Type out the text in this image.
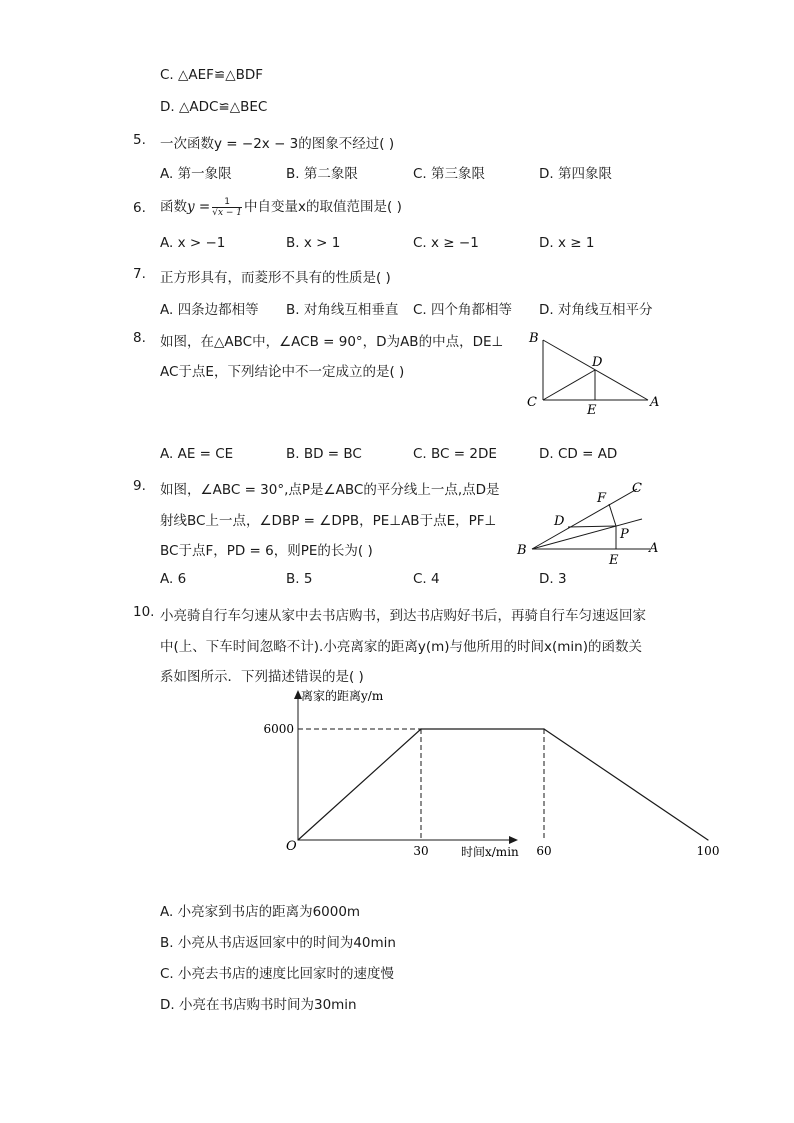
C. △AEF≌△BDF
D. △ADC≌△BEC
5. 一次函数y = −2x − 3的图象不经过( )
A. 第一象限	B. 第二象限	C. 第三象限	D. 第四象限
6. 函数$y = \frac{1}{√x - 1}$ 中自变量x的取值范围是( )
A. x > −1	B. x > 1	C. x ≥ −1	D. x ≥ 1
7. 正方形具有，而菱形不具有的性质是( )
A. 四条边都相等 B. 对角线互相垂直 C. 四个角都相等 D. 对角线互相平分
8. 如图，在△ABC中，∠ACB = 90°，D为AB的中点，DE⊥
AC于点E，下列结论中不一定成立的是( )
B
D
C
E
A
A. AE = CE	B. BD = BC	C. BC = 2DE	D. CD = AD
9. 如图，∠ABC = 30°,点P是∠ABC的平分线上一点,点D是
射线BC上一点，∠DBP = ∠DPB，PE⊥AB于点E，PF⊥
BC于点F，PD = 6，则PE的长为( )
F
C
D
P
B	A
E
A. 6	B. 5	C. 4	D. 3
10. 小亮骑自行车匀速从家中去书店购书，到达书店购好书后，再骑自行车匀速返回家
中(上、下车时间忽略不计).小亮离家的距离y(m)与他所用的时间x(min)的函数关
系如图所示．下列描述错误的是( )
30	60	100
6000
O
离家的距离y/m
时间x/min
A. 小亮家到书店的距离为6000m
B. 小亮从书店返回家中的时间为40min
C. 小亮去书店的速度比回家时的速度慢
D. 小亮在书店购书时间为30min
